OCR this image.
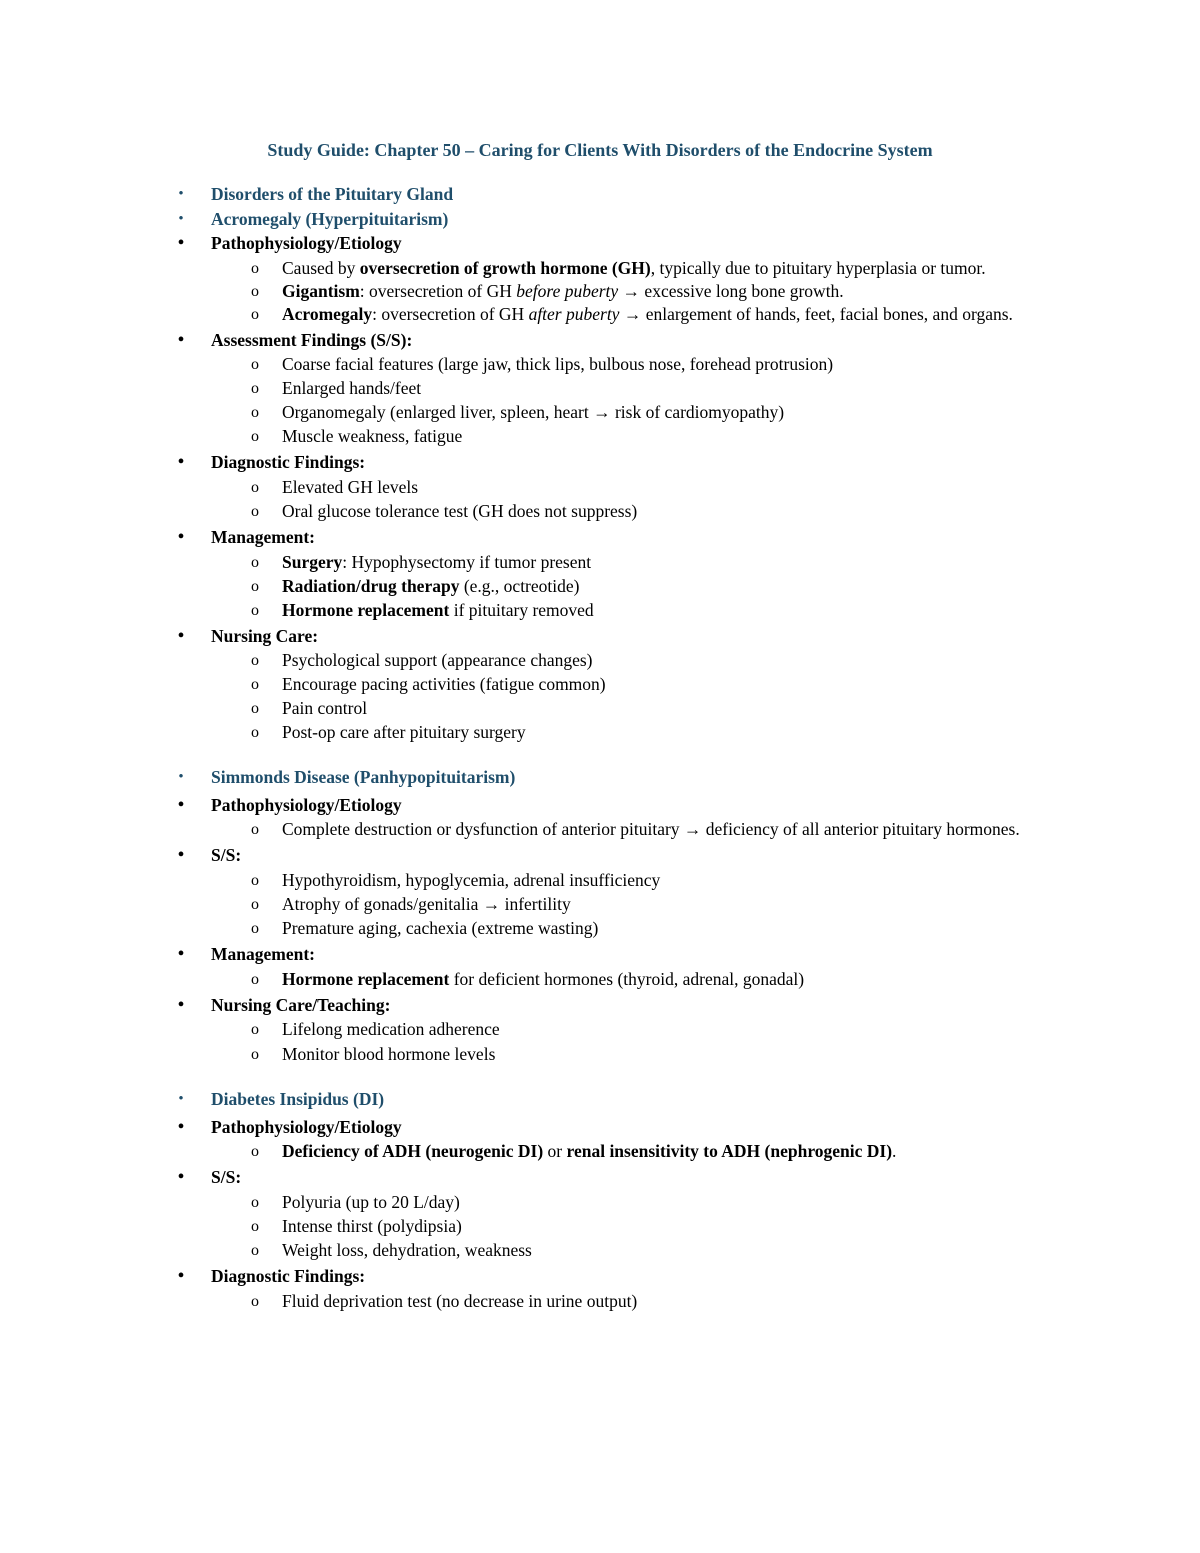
Study Guide: Chapter 50 – Caring for Clients With Disorders of the Endocrine System
•	Disorders of the Pituitary Gland
•	Acromegaly (Hyperpituitarism)
• Pathophysiology/Etiology
o Caused by oversecretion of growth hormone (GH), typically due to pituitary hyperplasia or tumor.
o Gigantism: oversecretion of GH before puberty → excessive long bone growth.
o Acromegaly: oversecretion of GH after puberty → enlargement of hands, feet, facial bones, and organs.
• Assessment Findings (S/S):
o Coarse facial features (large jaw, thick lips, bulbous nose, forehead protrusion)
o Enlarged hands/feet
o Organomegaly (enlarged liver, spleen, heart → risk of cardiomyopathy)
o Muscle weakness, fatigue
• Diagnostic Findings:
o Elevated GH levels
o Oral glucose tolerance test (GH does not suppress)
• Management:
o Surgery: Hypophysectomy if tumor present
o Radiation/drug therapy (e.g., octreotide)
o Hormone replacement if pituitary removed
• Nursing Care:
o Psychological support (appearance changes)
o Encourage pacing activities (fatigue common)
o Pain control
o Post-op care after pituitary surgery
•	Simmonds Disease (Panhypopituitarism)
• Pathophysiology/Etiology
o Complete destruction or dysfunction of anterior pituitary → deficiency of all anterior pituitary hormones.
• S/S:
o Hypothyroidism, hypoglycemia, adrenal insufficiency
o Atrophy of gonads/genitalia → infertility
o Premature aging, cachexia (extreme wasting)
• Management:
o Hormone replacement for deficient hormones (thyroid, adrenal, gonadal)
• Nursing Care/Teaching:
o Lifelong medication adherence
o Monitor blood hormone levels
•	Diabetes Insipidus (DI)
• Pathophysiology/Etiology
o Deficiency of ADH (neurogenic DI) or renal insensitivity to ADH (nephrogenic DI).
• S/S:
o Polyuria (up to 20 L/day)
o Intense thirst (polydipsia)
o Weight loss, dehydration, weakness
• Diagnostic Findings:
o Fluid deprivation test (no decrease in urine output)
